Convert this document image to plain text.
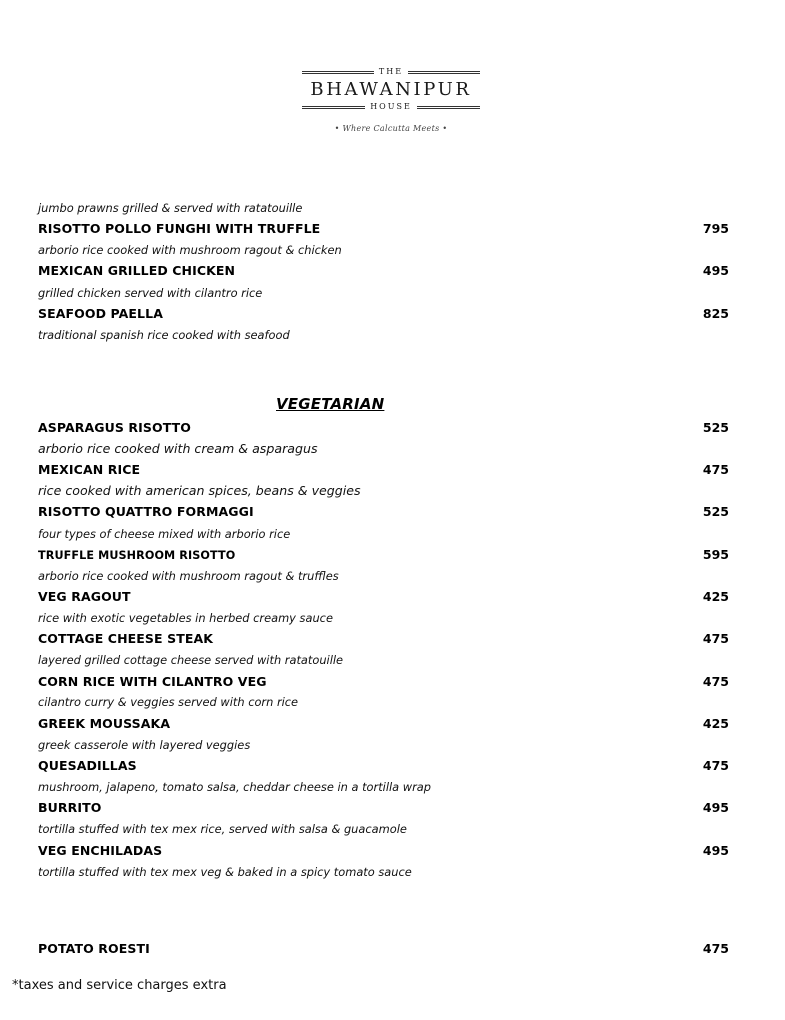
THE
BHAWANIPUR
HOUSE
• Where Calcutta Meets •
jumbo prawns grilled & served with ratatouille
RISOTTO POLLO FUNGHI WITH TRUFFLE	795
arborio rice cooked with mushroom ragout & chicken
MEXICAN GRILLED CHICKEN	495
grilled chicken served with cilantro rice
SEAFOOD PAELLA	825
traditional spanish rice cooked with seafood
VEGETARIAN
ASPARAGUS RISOTTO	525
arborio rice cooked with cream & asparagus
MEXICAN RICE	475
rice cooked with american spices, beans & veggies
RISOTTO QUATTRO FORMAGGI	525
four types of cheese mixed with arborio rice
TRUFFLE MUSHROOM RISOTTO	595
arborio rice cooked with mushroom ragout & truffles
VEG RAGOUT	425
rice with exotic vegetables in herbed creamy sauce
COTTAGE CHEESE STEAK	475
layered grilled cottage cheese served with ratatouille
CORN RICE WITH CILANTRO VEG	475
cilantro curry & veggies served with corn rice
GREEK MOUSSAKA	425
greek casserole with layered veggies
QUESADILLAS	475
mushroom, jalapeno, tomato salsa, cheddar cheese in a tortilla wrap
BURRITO	495
tortilla stuffed with tex mex rice, served with salsa & guacamole
VEG ENCHILADAS	495
tortilla stuffed with tex mex veg & baked in a spicy tomato sauce
POTATO ROESTI	475
*taxes and service charges extra
